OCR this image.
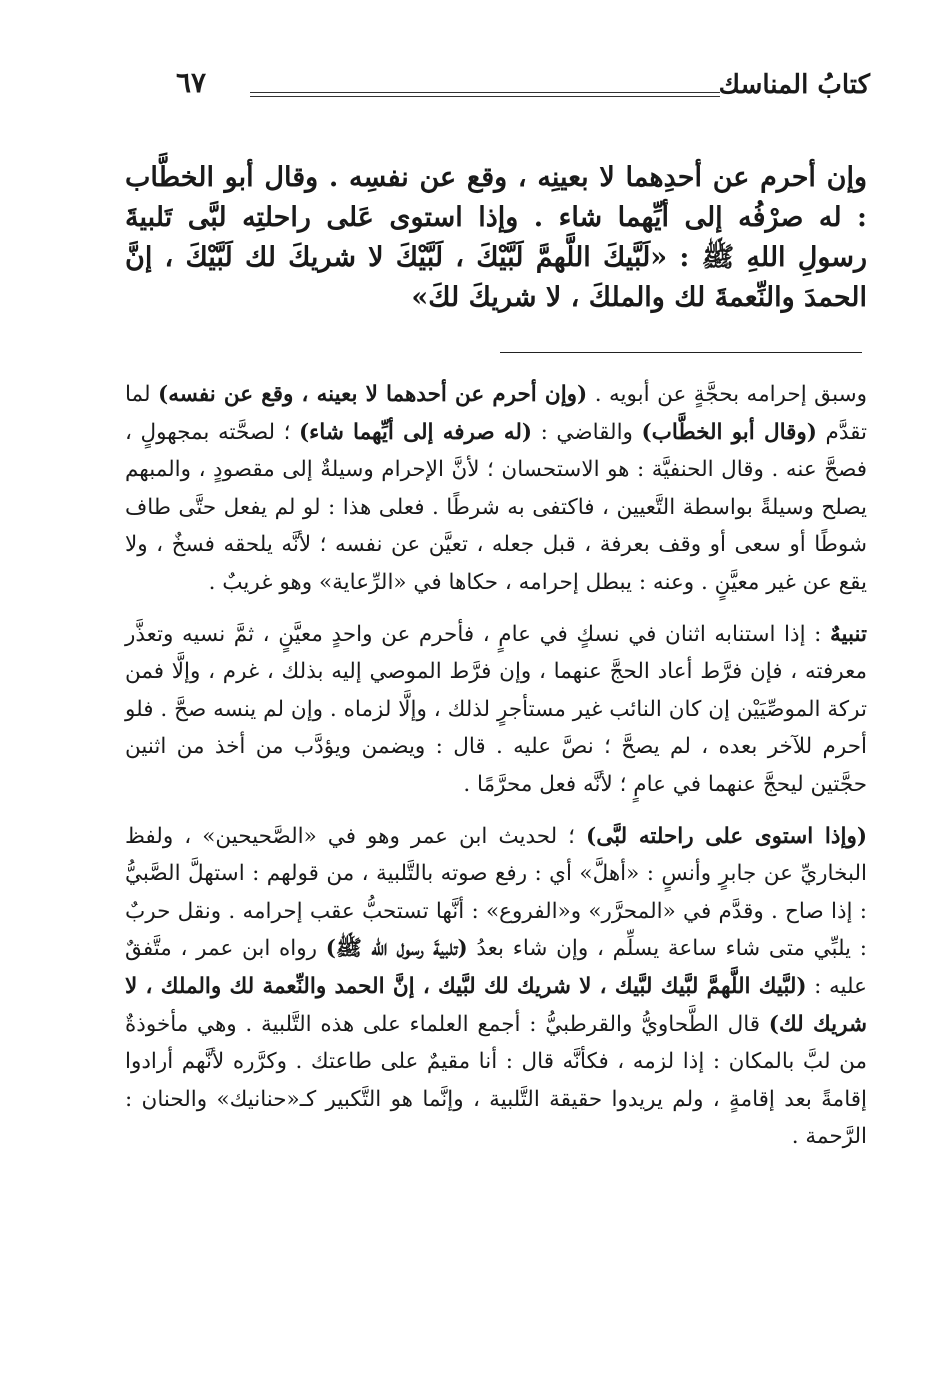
كتابُ المناسك
٦٧

وإن أحرم عن أحدِهما لا بعينِه ، وقع عن نفسِه . وقال أبو الخطَّاب : له صرْفُه إلى أيِّهما شاء . وإذا استوى عَلى راحلتِه لبَّى تَلبيةَ رسولِ اللهِ ﷺ : «لَبَّيكَ اللَّهمَّ لَبَّيْكَ ، لَبَّيْكَ لا شريكَ لك لَبَّيْكَ ، إنَّ الحمدَ والنِّعمةَ لك والملكَ ، لا شريكَ لكَ»

وسبق إحرامه بحجَّةٍ عن أبويه . (وإن أحرم عن أحدهما لا بعينه ، وقع عن نفسه) لما تقدَّم (وقال أبو الخطَّاب) والقاضي : (له صرفه إلى أيِّهما شاء) ؛ لصحَّته بمجهولٍ ، فصحَّ عنه . وقال الحنفيَّة : هو الاستحسان ؛ لأنَّ الإحرام وسيلةٌ إلى مقصودٍ ، والمبهم يصلح وسيلةً بواسطة التَّعيين ، فاكتفى به شرطًا . فعلى هذا : لو لم يفعل حتَّى طاف شوطًا أو سعى أو وقف بعرفة ، قبل جعله ، تعيَّن عن نفسه ؛ لأنَّه يلحقه فسخٌ ، ولا يقع عن غير معيَّنٍ . وعنه : يبطل إحرامه ، حكاها في «الرِّعاية» وهو غريبٌ .

تنبيهٌ : إذا استنابه اثنان في نسكٍ في عامٍ ، فأحرم عن واحدٍ معيَّنٍ ، ثمَّ نسيه وتعذَّر معرفته ، فإن فرَّط أعاد الحجَّ عنهما ، وإن فرَّط الموصي إليه بذلك ، غرم ، وإلَّا فمن تركة الموصِّيَيْن إن كان النائب غير مستأجرٍ لذلك ، وإلَّا لزماه . وإن لم ينسه صحَّ . فلو أحرم للآخر بعده ، لم يصحَّ ؛ نصَّ عليه . قال : ويضمن ويؤدَّب من أخذ من اثنين حجَّتين ليحجَّ عنهما في عامٍ ؛ لأنَّه فعل محرَّمًا .

(وإذا استوى على راحلته لبَّى) ؛ لحديث ابن عمر وهو في «الصَّحيحين» ، ولفظ البخاريِّ عن جابرٍ وأنسٍ : «أهلَّ» أي : رفع صوته بالتَّلبية ، من قولهم : استهلَّ الصَّبيُّ : إذا صاح . وقدَّم في «المحرَّر» و«الفروع» : أنَّها تستحبُّ عقب إحرامه . ونقل حربٌ : يلبِّي متى شاء ساعة يسلِّم ، وإن شاء بعدُ (تلبيةَ رسول الله ﷺ) رواه ابن عمر ، متَّفقٌ عليه : (لبَّيك اللَّهمَّ لبَّيك لبَّيك ، لا شريك لك لبَّيك ، إنَّ الحمد والنِّعمة لك والملك ، لا شريك لك) قال الطَّحاويُّ والقرطبيُّ : أجمع العلماء على هذه التَّلبية . وهي مأخوذةٌ من لبَّ بالمكان : إذا لزمه ، فكأنَّه قال : أنا مقيمٌ على طاعتك . وكرَّره لأنَّهم أرادوا إقامةً بعد إقامةٍ ، ولم يريدوا حقيقة التَّلبية ، وإنَّما هو التَّكبير كـ«حنانيك» والحنان : الرَّحمة .
